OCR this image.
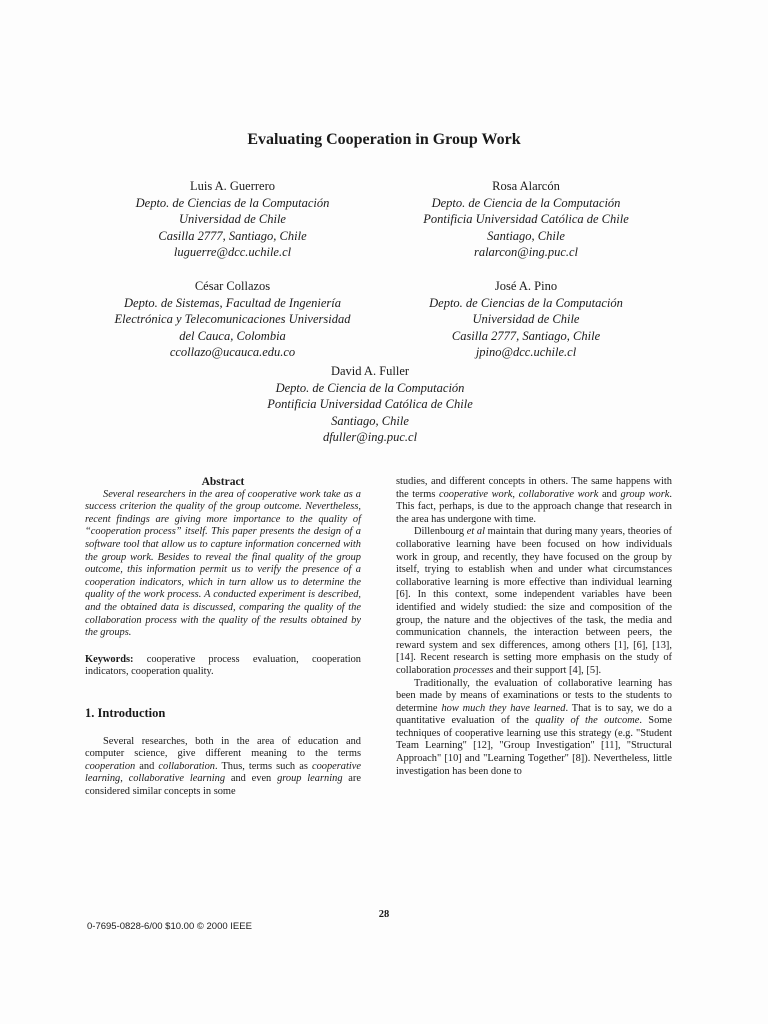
Evaluating Cooperation in Group Work
Luis A. Guerrero
Depto. de Ciencias de la Computación
Universidad de Chile
Casilla 2777, Santiago, Chile
luguerre@dcc.uchile.cl
Rosa Alarcón
Depto. de Ciencia de la Computación
Pontificia Universidad Católica de Chile
Santiago, Chile
ralarcon@ing.puc.cl
César Collazos
Depto. de Sistemas, Facultad de Ingeniería
Electrónica y Telecomunicaciones Universidad
del Cauca, Colombia
ccollazo@ucauca.edu.co
José A. Pino
Depto. de Ciencias de la Computación
Universidad de Chile
Casilla 2777, Santiago, Chile
jpino@dcc.uchile.cl
David A. Fuller
Depto. de Ciencia de la Computación
Pontificia Universidad Católica de Chile
Santiago, Chile
dfuller@ing.puc.cl

Abstract

Several researchers in the area of cooperative work take as a success criterion the quality of the group outcome. Nevertheless, recent findings are giving more importance to the quality of “cooperation process” itself. This paper presents the design of a software tool that allow us to capture information concerned with the group work. Besides to reveal the final quality of the group outcome, this information permit us to verify the presence of a cooperation indicators, which in turn allow us to determine the quality of the work process. A conducted experiment is described, and the obtained data is discussed, comparing the quality of the collaboration process with the quality of the results obtained by the groups.

Keywords: cooperative process evaluation, cooperation indicators, cooperation quality.

1. Introduction

Several researches, both in the area of education and computer science, give different meaning to the terms cooperation and collaboration. Thus, terms such as cooperative learning, collaborative learning and even group learning are considered similar concepts in some

studies, and different concepts in others. The same happens with the terms cooperative work, collaborative work and group work. This fact, perhaps, is due to the approach change that research in the area has undergone with time.

Dillenbourg et al maintain that during many years, theories of collaborative learning have been focused on how individuals work in group, and recently, they have focused on the group by itself, trying to establish when and under what circumstances collaborative learning is more effective than individual learning [6]. In this context, some independent variables have been identified and widely studied: the size and composition of the group, the nature and the objectives of the task, the media and communication channels, the interaction between peers, the reward system and sex differences, among others [1], [6], [13], [14]. Recent research is setting more emphasis on the study of collaboration processes and their support [4], [5].

Traditionally, the evaluation of collaborative learning has been made by means of examinations or tests to the students to determine how much they have learned. That is to say, we do a quantitative evaluation of the quality of the outcome. Some techniques of cooperative learning use this strategy (e.g. "Student Team Learning" [12], "Group Investigation" [11], "Structural Approach" [10] and "Learning Together" [8]). Nevertheless, little investigation has been done to

28
0-7695-0828-6/00 $10.00 © 2000 IEEE
